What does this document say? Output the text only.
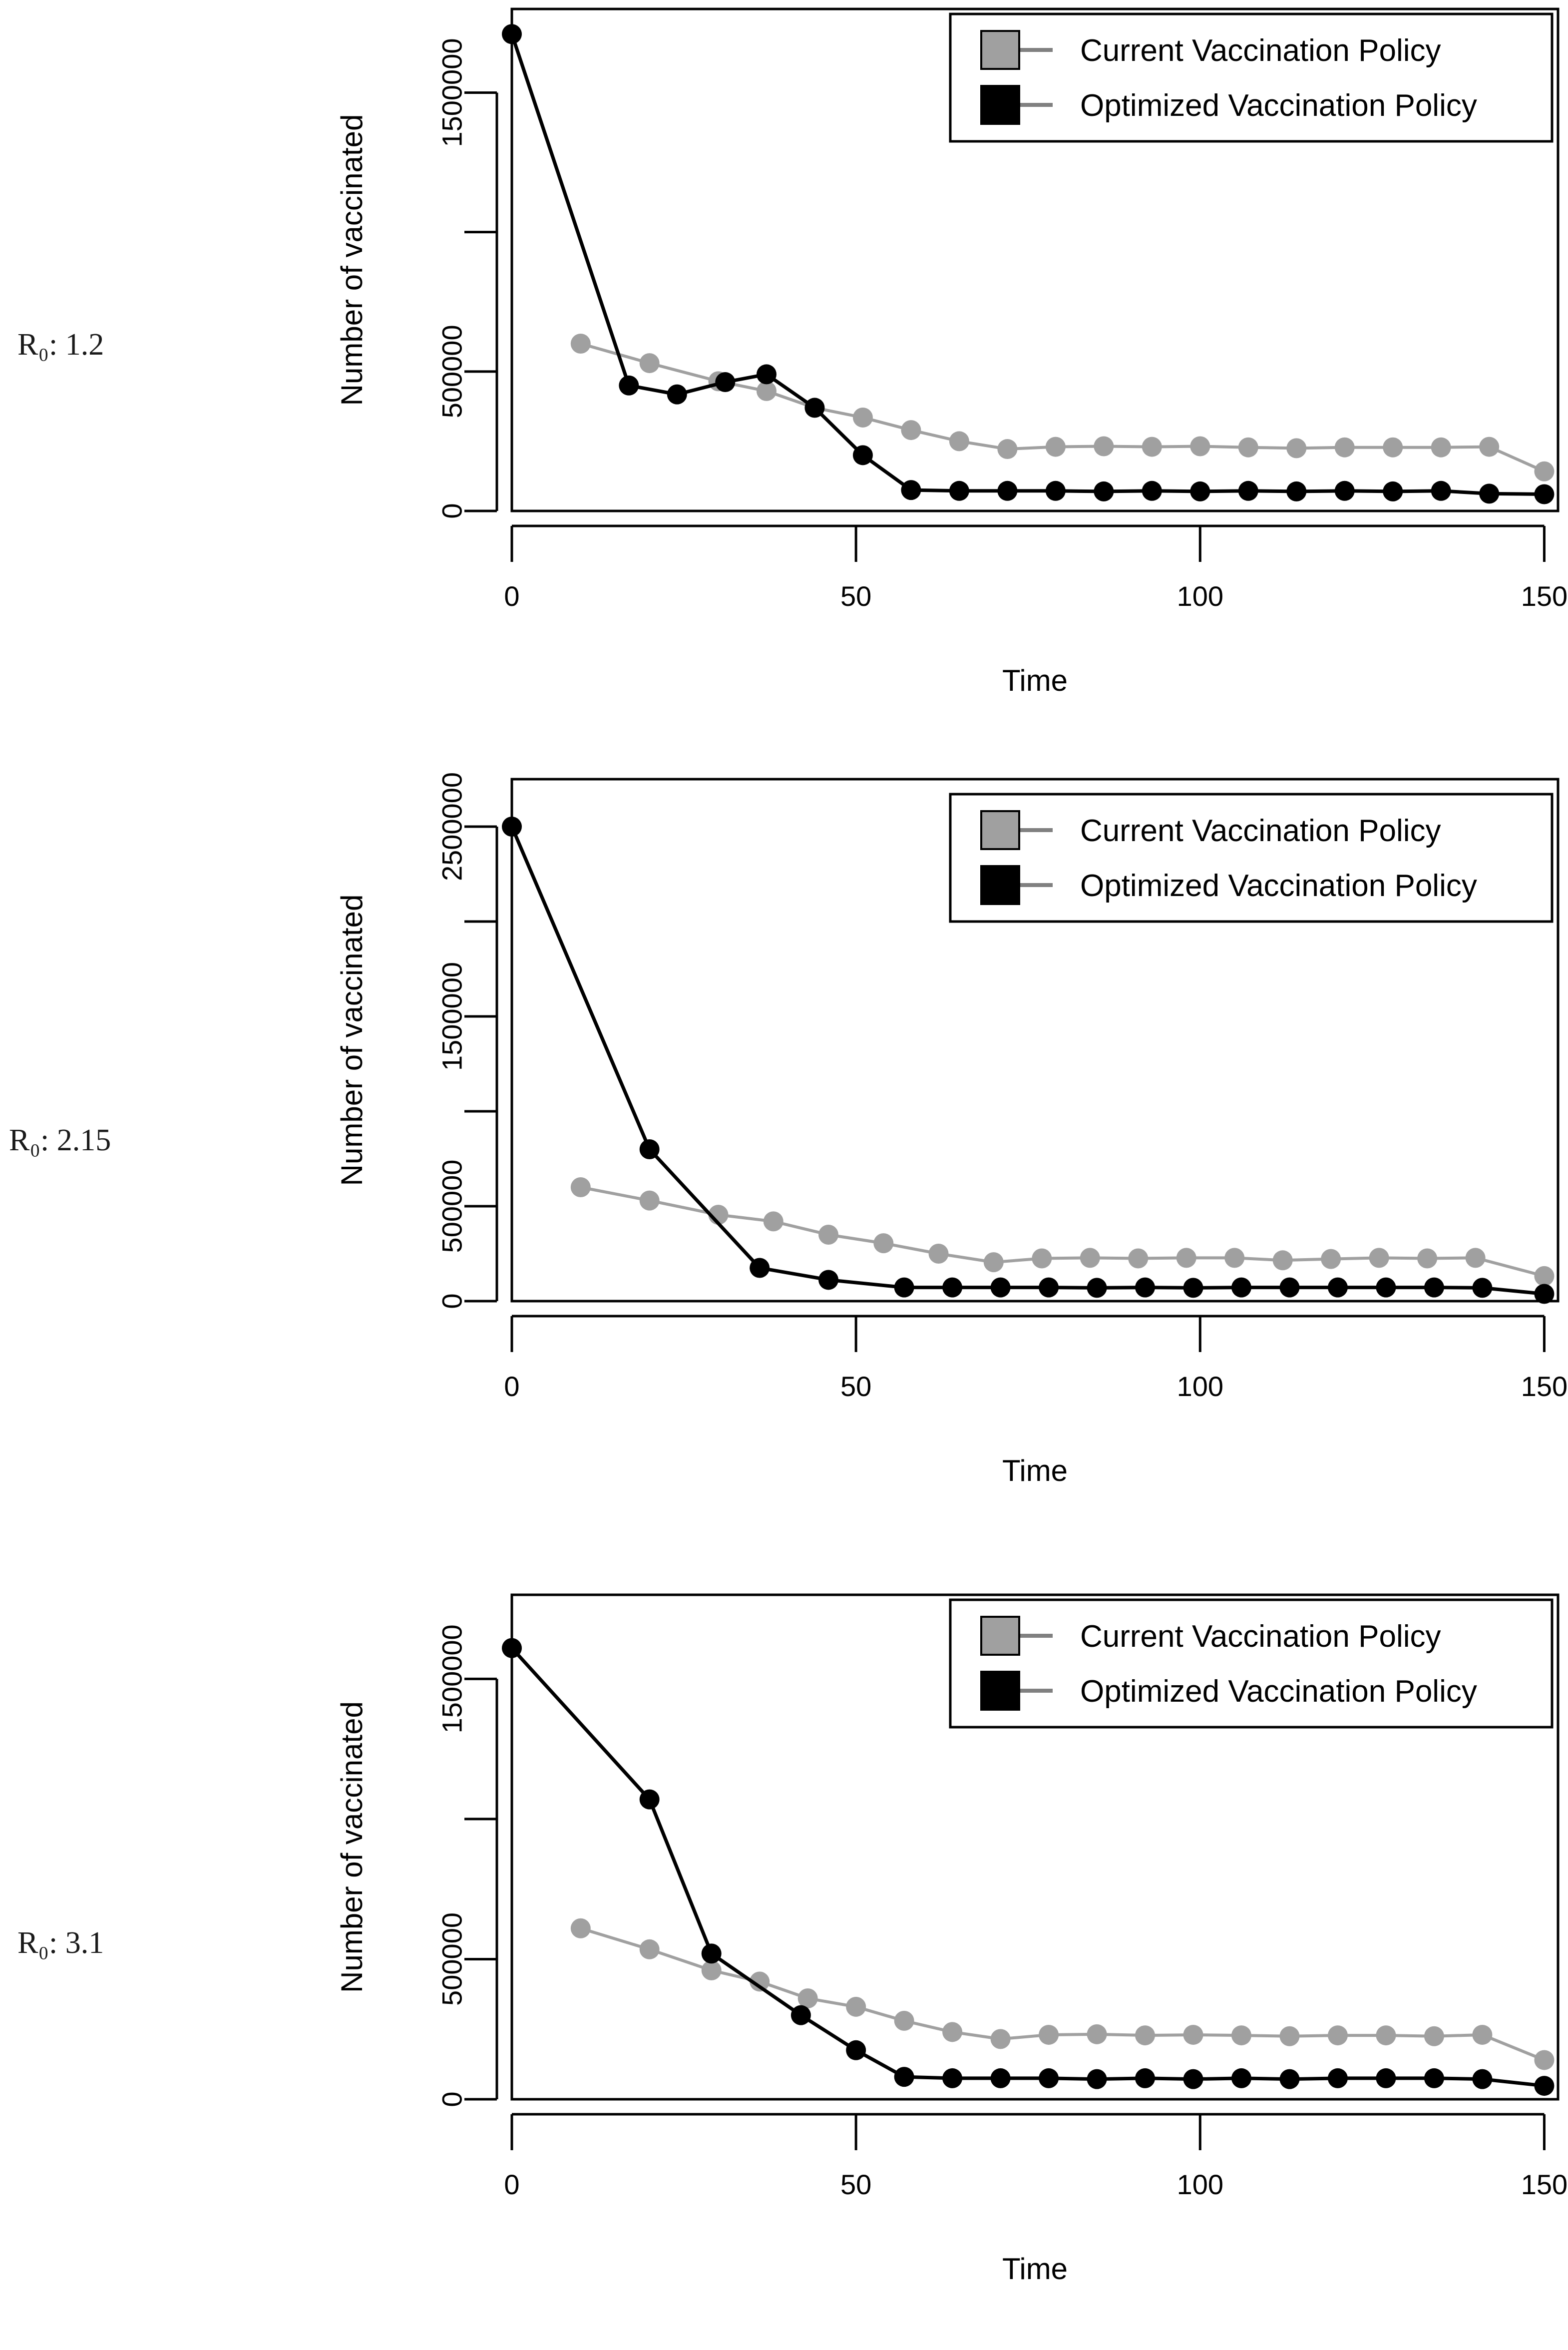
R₀: 1.2
0
500000
1500000
0	50	100	150
Time
Number of vaccinated
Current Vaccination Policy
Optimized Vaccination Policy
R₀: 2.15
0
500000
1500000
2500000
0	50	100	150
Time
Number of vaccinated
Current Vaccination Policy
Optimized Vaccination Policy
R₀: 3.1
0
500000
1500000
0	50	100	150
Time
Number of vaccinated
Current Vaccination Policy
Optimized Vaccination Policy
